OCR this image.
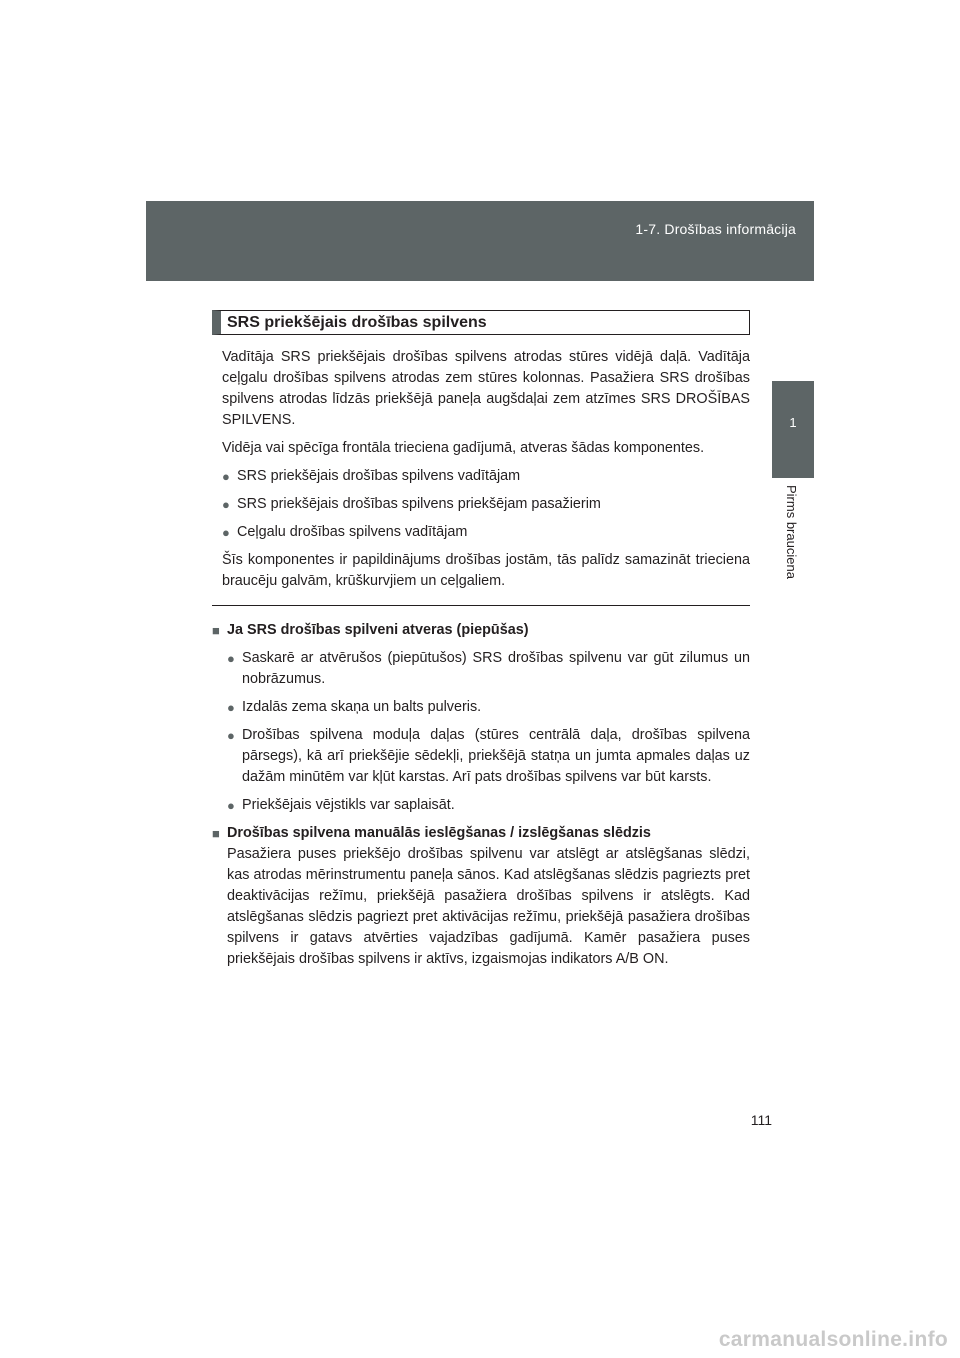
1-7. Drošības informācija
1
Pirms brauciena
SRS priekšējais drošības spilvens

Vadītāja SRS priekšējais drošības spilvens atrodas stūres vidējā daļā. Vadītāja ceļgalu drošības spilvens atrodas zem stūres kolonnas. Pasažiera SRS drošības spilvens atrodas līdzās priekšējā paneļa augšdaļai zem atzīmes SRS DROŠĪBAS SPILVENS.

Vidēja vai spēcīga frontāla trieciena gadījumā, atveras šādas komponentes.

● SRS priekšējais drošības spilvens vadītājam
● SRS priekšējais drošības spilvens priekšējam pasažierim
● Ceļgalu drošības spilvens vadītājam

Šīs komponentes ir papildinājums drošības jostām, tās palīdz samazināt trieciena braucēju galvām, krūškurvjiem un ceļgaliem.

■ Ja SRS drošības spilveni atveras (piepūšas)
● Saskarē ar atvērušos (piepūtušos) SRS drošības spilvenu var gūt zilumus un nobrāzumus.
● Izdalās zema skaņa un balts pulveris.
● Drošības spilvena moduļa daļas (stūres centrālā daļa, drošības spilvena pārsegs), kā arī priekšējie sēdekļi, priekšējā statņa un jumta apmales daļas uz dažām minūtēm var kļūt karstas. Arī pats drošības spilvens var būt karsts.
● Priekšējais vējstikls var saplaisāt.
■ Drošības spilvena manuālās ieslēgšanas / izslēgšanas slēdzis

Pasažiera puses priekšējo drošības spilvenu var atslēgt ar atslēgšanas slēdzi, kas atrodas mērinstrumentu paneļa sānos. Kad atslēgšanas slēdzis pagriezts pret deaktivācijas režīmu, priekšējā pasažiera drošības spilvens ir atslēgts. Kad atslēgšanas slēdzis pagriezt pret aktivācijas režīmu, priekšējā pasažiera drošības spilvens ir gatavs atvērties vajadzības gadījumā. Kamēr pasažiera puses priekšējais drošības spilvens ir aktīvs, izgaismojas indikators A/B ON.

111
carmanualsonline.info
